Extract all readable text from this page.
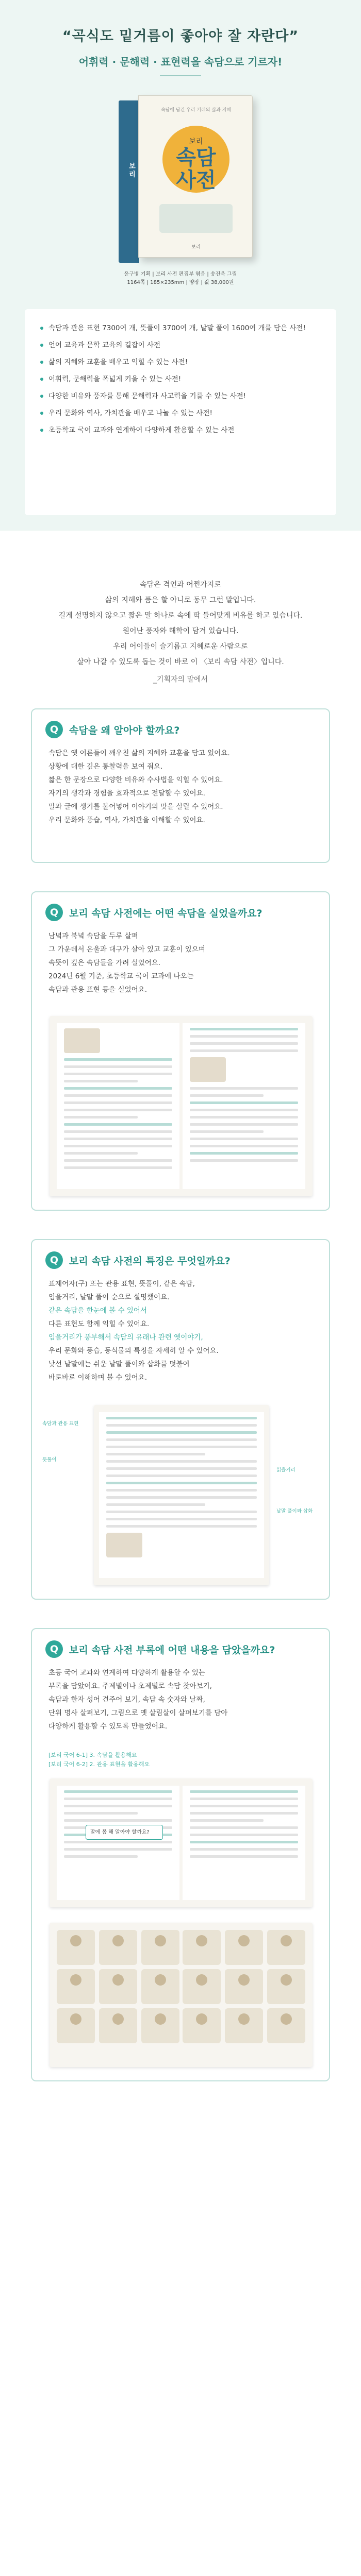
“곡식도 밑거름이 좋아야 잘 자란다”
어휘력 · 문해력 · 표현력을 속담으로 기르자!
보리
속담에 담긴 우리 겨레의 삶과 지혜
보리
속담
사전
보리
윤구병 기획 | 보리 사전 편집부 엮음 | 송진욱 그림
1164쪽 | 185×235mm | 양장 | 값 38,000원
속담과 관용 표현 7300여 개, 뜻풀이 3700여 개, 낱말 풀이 1600여 개를 담은 사전!
언어 교육과 문학 교육의 길잡이 사전
삶의 지혜와 교훈을 배우고 익힐 수 있는 사전!
어휘력, 문해력을 폭넓게 키울 수 있는 사전!
다양한 비유와 풍자를 통해 문해력과 사고력을 기를 수 있는 사전!
우리 문화와 역사, 가치관을 배우고 나눌 수 있는 사전!
초등학교 국어 교과와 연계하여 다양하게 활용할 수 있는 사전
속담은 격언과 어쩐가지로
삶의 지혜와 품은 할 아니로 동무 그런 말입니다.
길게 설명하지 않으고 짧은 말 하나로 속에 딱 들어맞게 비유를 하고 있습니다.
원어난 풍자와 해학이 담겨 있습니다.
우리 어이들이 슬기롭고 지혜로운 사람으로
살아 나갈 수 있도록 돕는 것이 바로 이 〈보리 속담 사전〉입니다.
_기획자의 말에서
Q	속담을 왜 알아야 할까요?

속담은 옛 어른들이 깨우친 삶의 지혜와 교훈을 담고 있어요.

상황에 대한 깊은 통찰력을 보여 줘요.

짧은 한 문장으로 다양한 비유와 수사법을 익힐 수 있어요.

자기의 생각과 경험을 효과적으로 전달할 수 있어요.

말과 글에 생기를 불어넣어 이야기의 맛을 살릴 수 있어요.

우리 문화와 풍습, 역사, 가치관을 이해할 수 있어요.

Q	보리 속담 사전에는 어떤 속담을 실었을까요?

남녘과 북녘 속담을 두루 살펴

그 가운데서 온울과 대구가 살아 있고 교훈이 있으며

속뜻이 깊은 속담들을 가려 실었어요.

2024년 6월 기준, 초등학교 국어 교과에 나오는

속담과 관용 표현 등을 실었어요.

Q	보리 속담 사전의 특징은 무엇일까요?

표제어자(구) 또는 관용 표현, 뜻풀이, 같은 속담,

임을거리, 낱말 풀이 순으로 설명했어요.

같은 속담을 한눈에 볼 수 있어서

다른 표현도 함께 익힐 수 있어요.

임을거리가 풍부해서 속담의 유래나 관련 옛이야기,

우리 문화와 풍습, 동식물의 특징을 자세히 알 수 있어요.

낯선 낱말에는 쉬운 낱말 풀이와 삽화를 덧붙여

바로바로 이해하며 볼 수 있어요.

속담과 관용 표현
뜻풀이
읽을거리
낱말 풀이와 삽화
Q	보리 속담 사전 부록에 어떤 내용을 담았을까요?

초등 국어 교과와 연계하여 다양하게 활용할 수 있는

부록을 담았어요. 주제별이나 초제별로 속담 찾아보기,

속담과 한자 성어 견주어 보기, 속담 속 숫자와 날짜,

단위 명사 살펴보기, 그림으로 옛 살림살이 살펴보기를 담아

다양하게 활용할 수 있도록 만들었어요.

[보리 국어 6-1] 3. 속담을 활용해요
[보리 국어 6-2] 2. 관용 표현을 활용해요
말에 몸 해 알아야 할까요?
